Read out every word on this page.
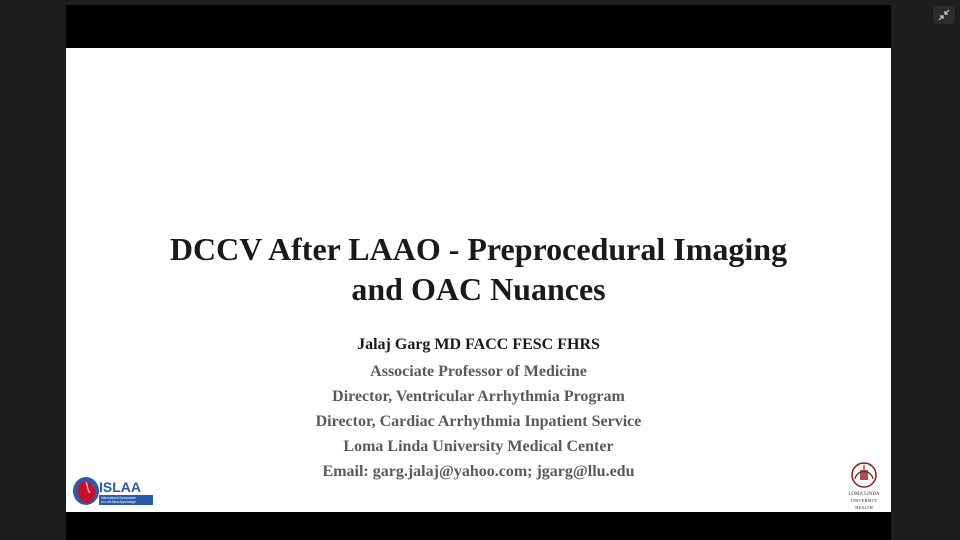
DCCV After LAAO - Preprocedural Imaging
and OAC Nuances
Jalaj Garg MD FACC FESC FHRS
Associate Professor of Medicine
Director, Ventricular Arrhythmia Program
Director, Cardiac Arrhythmia Inpatient Service
Loma Linda University Medical Center
Email: garg.jalaj@yahoo.com; jgarg@llu.edu
ISLAA
International Symposium
on Left Atrial Appendage
LOMA LINDA
UNIVERSITY
HEALTH
